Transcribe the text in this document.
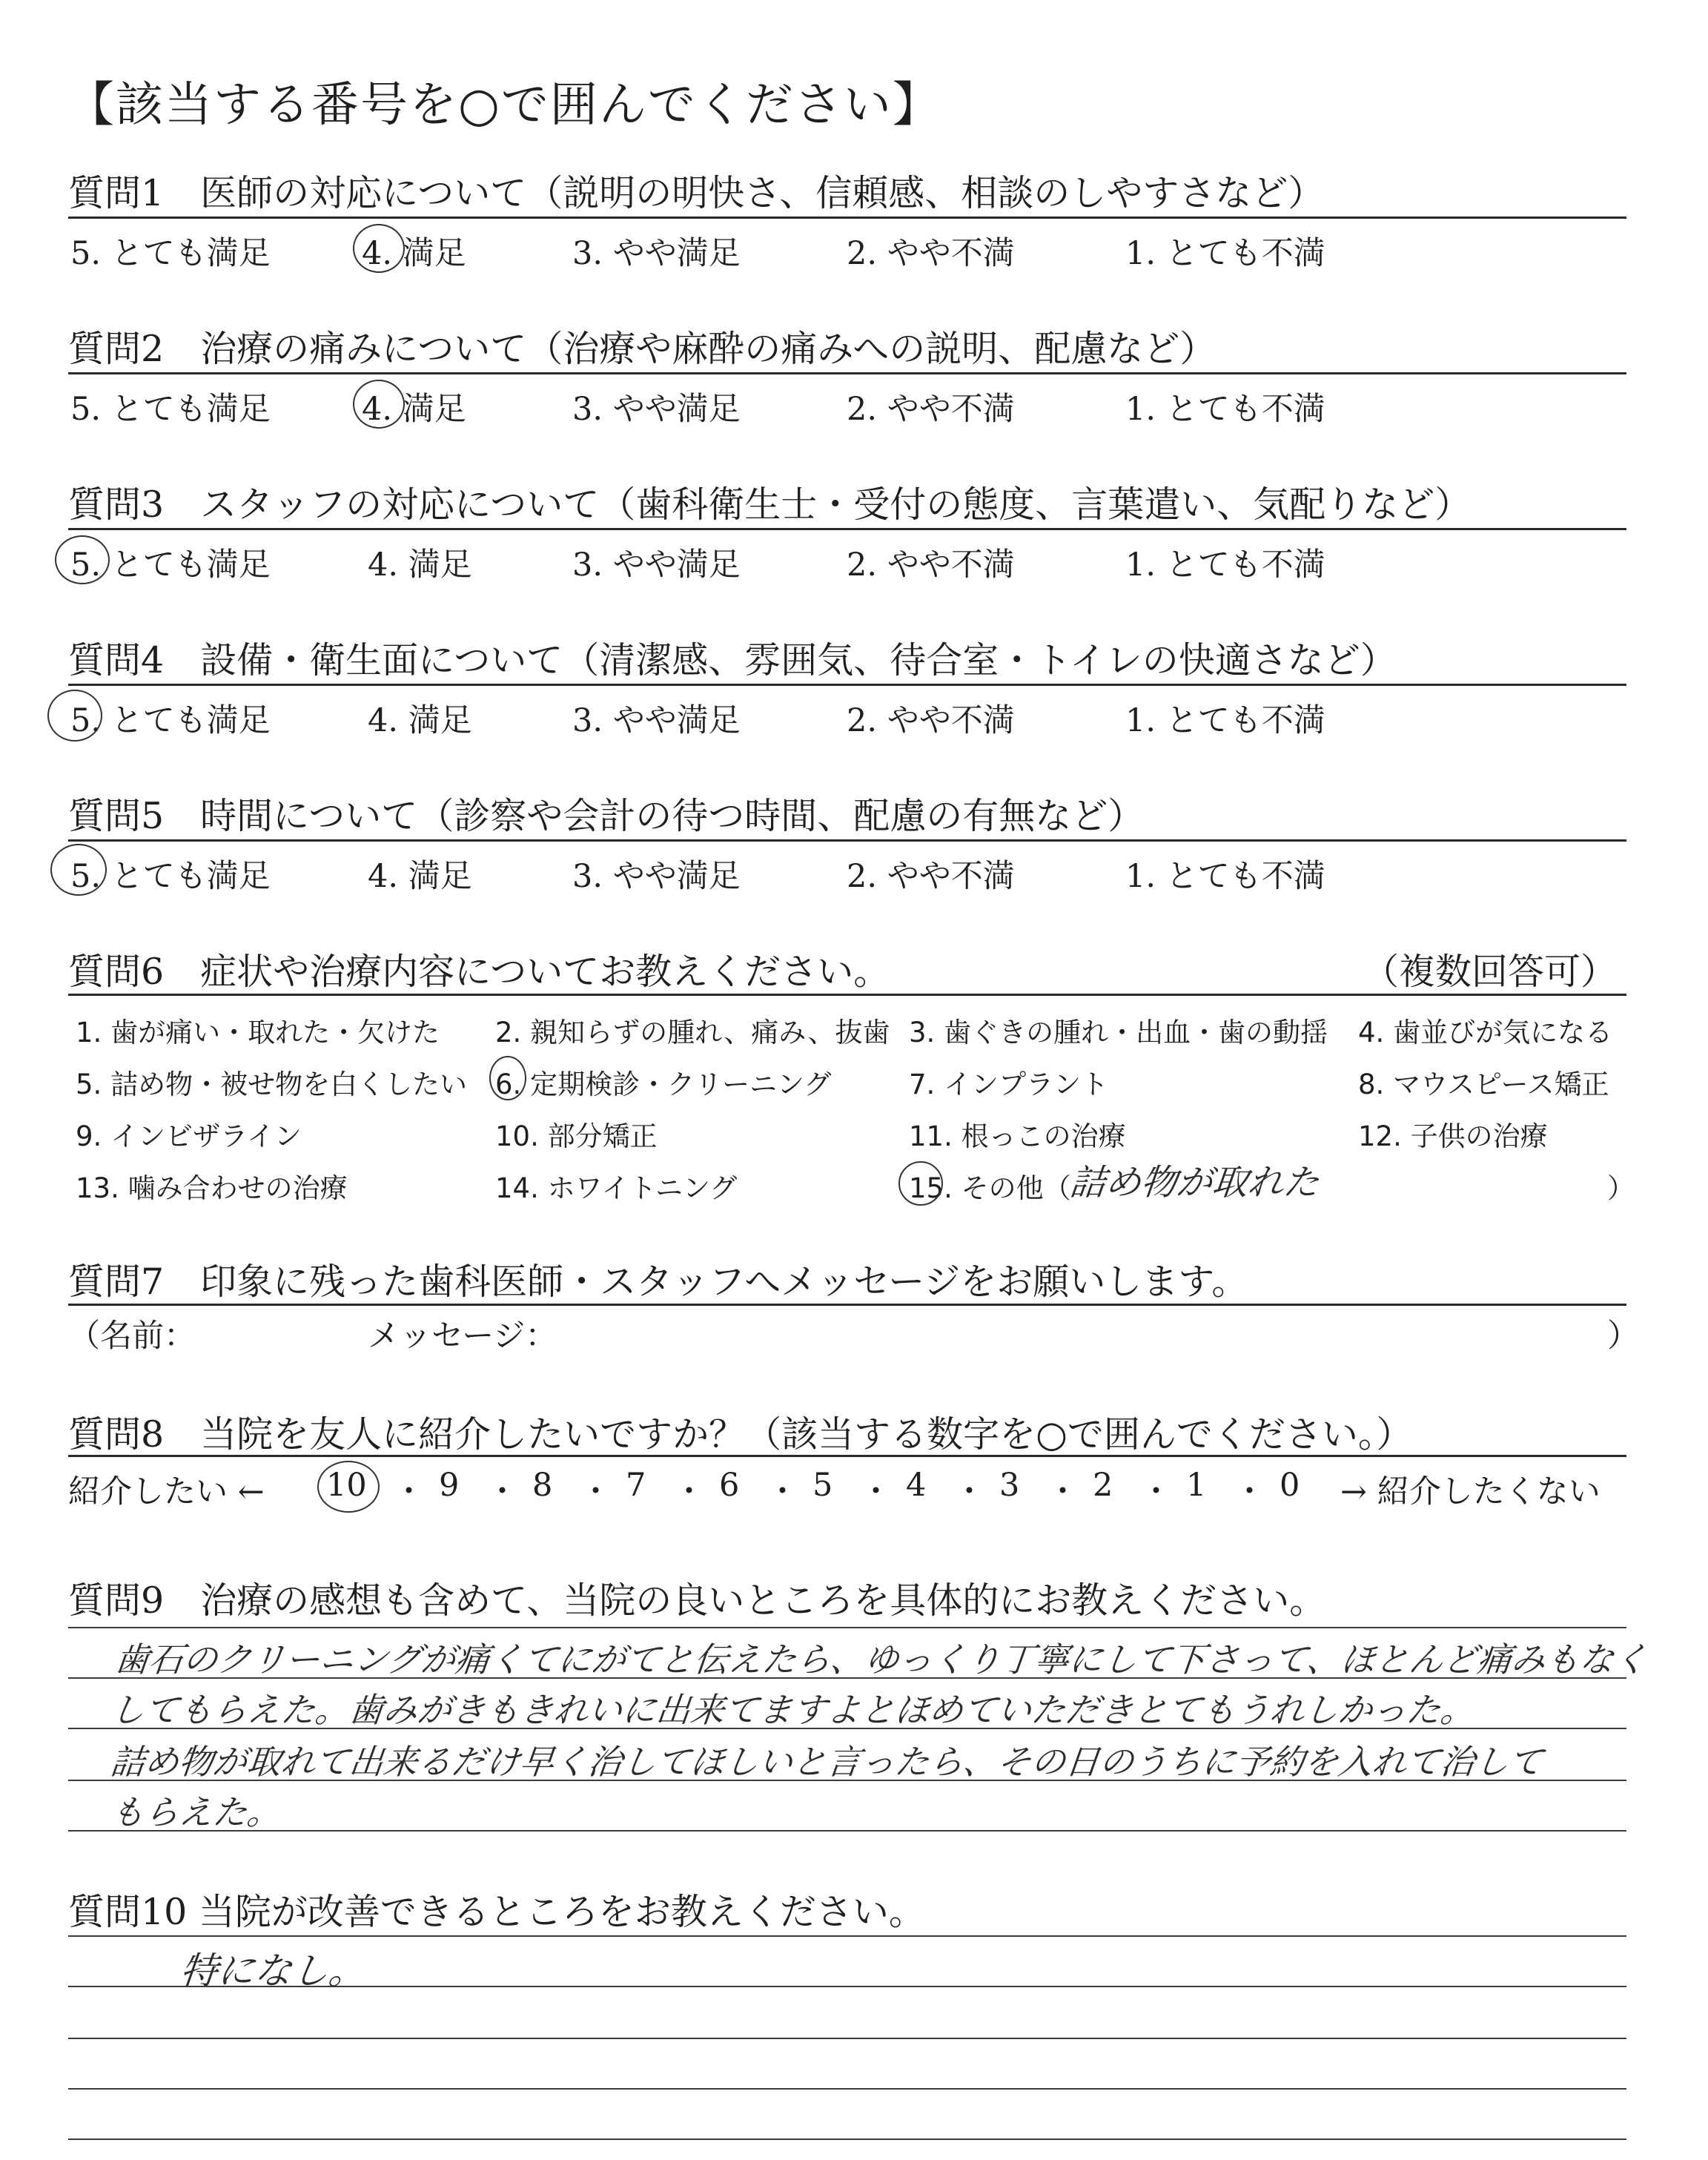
【該当する番号を○で囲んでください】
質問1　医師の対応について（説明の明快さ、信頼感、相談のしやすさなど）
5. とても満足	4. 満足	3. やや満足	2. やや不満	1. とても不満
質問2　治療の痛みについて（治療や麻酔の痛みへの説明、配慮など）
5. とても満足	4. 満足	3. やや満足	2. やや不満	1. とても不満
質問3　スタッフの対応について（歯科衛生士・受付の態度、言葉遣い、気配りなど）
5. とても満足	4. 満足	3. やや満足	2. やや不満	1. とても不満
質問4　設備・衛生面について（清潔感、雰囲気、待合室・トイレの快適さなど）
5. とても満足	4. 満足	3. やや満足	2. やや不満	1. とても不満
質問5　時間について（診察や会計の待つ時間、配慮の有無など）
5. とても満足	4. 満足	3. やや満足	2. やや不満	1. とても不満
質問6　症状や治療内容についてお教えください。	（複数回答可）
1. 歯が痛い・取れた・欠けた 2. 親知らずの腫れ、痛み、抜歯 3. 歯ぐきの腫れ・出血・歯の動揺 4. 歯並びが気になる
5. 詰め物・被せ物を白くしたい 6. 定期検診・クリーニング	7. インプラント	8. マウスピース矯正
9. インビザライン	10. 部分矯正	11. 根っこの治療	12. 子供の治療
13. 噛み合わせの治療	14. ホワイトニング	15. その他（
詰め物が取れた	）
質問7　印象に残った歯科医師・スタッフへメッセージをお願いします。
（名前：	メッセージ：	）
質問8　当院を友人に紹介したいですか？（該当する数字を○で囲んでください。）
紹介したい ← 10 ・ 9 ・ 8 ・ 7 ・ 6 ・ 5 ・ 4 ・ 3 ・ 2 ・ 1 ・ 0 → 紹介したくない
質問9　治療の感想も含めて、当院の良いところを具体的にお教えください。
歯石のクリーニングが痛くてにがてと伝えたら、ゆっくり丁寧にして下さって、ほとんど痛みもなく
してもらえた。歯みがきもきれいに出来てますよとほめていただきとてもうれしかった。
詰め物が取れて出来るだけ早く治してほしいと言ったら、その日のうちに予約を入れて治して
もらえた。
質問10 当院が改善できるところをお教えください。
特になし。
